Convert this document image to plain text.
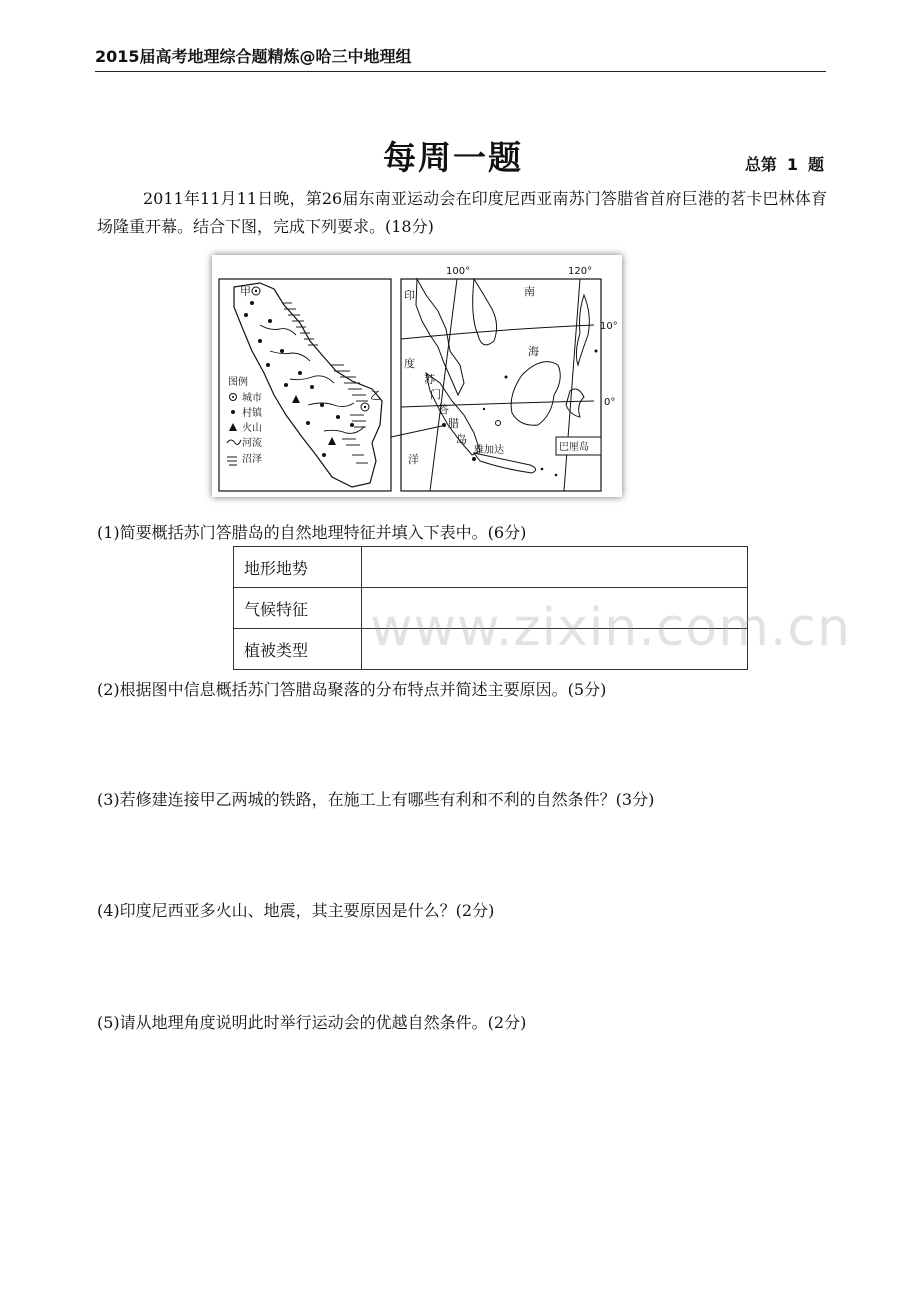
2015届高考地理综合题精炼@哈三中地理组
每周一题	总第 1 题
2011年11月11日晚，第26届东南亚运动会在印度尼西亚南苏门答腊省首府巨港的茗卡巴林体育场隆重开幕。结合下图，完成下列要求。(18分)
甲
乙
图例
城市
村镇
火山
河流
沼泽
100°	120°
10°
0°
印
度
洋
南
海
苏
门
答
腊
岛
雅加达	巴厘岛
(1)简要概括苏门答腊岛的自然地理特征并填入下表中。(6分)
地形地势	
气候特征	
植被类型	www.zixin.com.cn
(2)根据图中信息概括苏门答腊岛聚落的分布特点并简述主要原因。(5分)
(3)若修建连接甲乙两城的铁路，在施工上有哪些有利和不利的自然条件？(3分)
(4)印度尼西亚多火山、地震，其主要原因是什么？(2分)
(5)请从地理角度说明此时举行运动会的优越自然条件。(2分)
